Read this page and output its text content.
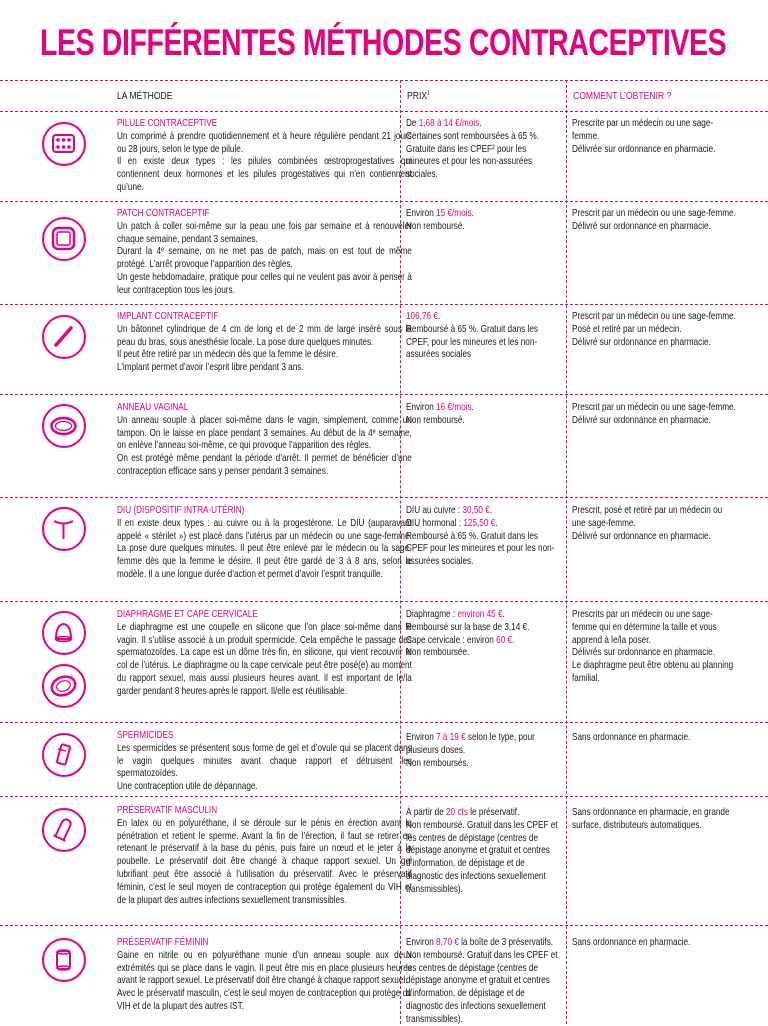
LES DIFFÉRENTES MÉTHODES CONTRACEPTIVES
LA MÉTHODE	PRIX$^1$	COMMENT L’OBTENIR ?

PILULE CONTRACEPTIVE

Un comprimé à prendre quotidiennement et à heure régulière pendant 21 jours ou 28 jours, selon le type de pilule.

Il en existe deux types : les pilules combinées œstroprogestatives qui contiennent deux hormones et les pilules progestatives qui n’en contiennent qu’une.

De 1,68 à 14 €/mois.

Certaines sont remboursées à 65 %. Gratuite dans les CPEF² pour les mineures et pour les non-assurées sociales.

Prescrite par un médecin ou une sage-femme.

Délivrée sur ordonnance en pharmacie.

PATCH CONTRACEPTIF

Un patch à coller soi-même sur la peau une fois par semaine et à renouveler chaque semaine, pendant 3 semaines.

Durant la 4ᵉ semaine, on ne met pas de patch, mais on est tout de même protégé. L’arrêt provoque l’apparition des règles.

Un geste hebdomadaire, pratique pour celles qui ne veulent pas avoir à penser à leur contraception tous les jours.

Environ 15 €/mois.

Non remboursé.

Prescrit par un médecin ou une sage-femme.

Délivré sur ordonnance en pharmacie.

IMPLANT CONTRACEPTIF

Un bâtonnet cylindrique de 4 cm de long et de 2 mm de large inséré sous la peau du bras, sous anesthésie locale. La pose dure quelques minutes.

Il peut être retiré par un médecin dès que la femme le désire.

L’implant permet d’avoir l’esprit libre pendant 3 ans.

106,76 €.

Remboursé à 65 %. Gratuit dans les CPEF, pour les mineures et les non-assurées sociales

Prescrit par un médecin ou une sage-femme. Posé et retiré par un médecin.

Délivré sur ordonnance en pharmacie.

ANNEAU VAGINAL

Un anneau souple à placer soi-même dans le vagin, simplement, comme un tampon. On le laisse en place pendant 3 semaines. Au début de la 4ᵉ semaine, on enlève l’anneau soi-même, ce qui provoque l’apparition des règles.

On est protégé même pendant la période d’arrêt. Il permet de bénéficier d’une contraception efficace sans y penser pendant 3 semaines.

Environ 16 €/mois.

Non remboursé.

Prescrit par un médecin ou une sage-femme.

Délivré sur ordonnance en pharmacie.

DIU (DISPOSITIF INTRA-UTÉRIN)

Il en existe deux types : au cuivre ou à la progestérone. Le DIU (auparavant appelé « stérilet ») est placé dans l’utérus par un médecin ou une sage-femme. La pose dure quelques minutes. Il peut être enlevé par le médecin ou la sage-femme dès que la femme le désire. Il peut être gardé de 3 à 8 ans, selon le modèle. Il a une longue durée d’action et permet d’avoir l’esprit tranquille.

DIU au cuivre : 30,50 €.

DIU hormonal : 125,50 €.

Remboursé à 65 %. Gratuit dans les CPEF pour les mineures et pour les non-assurées sociales.

Prescrit, posé et retiré par un médecin ou une sage-femme.

Délivré sur ordonnance en pharmacie.

DIAPHRAGME ET CAPE CERVICALE

Le diaphragme est une coupelle en silicone que l’on place soi-même dans le vagin. Il s’utilise associé à un produit spermicide. Cela empêche le passage des spermatozoïdes. La cape est un dôme très fin, en silicone, qui vient recouvrir le col de l’utérus. Le diaphragme ou la cape cervicale peut être posé(e) au moment du rapport sexuel, mais aussi plusieurs heures avant. Il est important de le/la garder pendant 8 heures après le rapport. Il/elle est réutilisable.

Diaphragme : environ 45 €.

Remboursé sur la base de 3,14 €.

Cape cervicale : environ 60 €.

Non remboursée.

Prescrits par un médecin ou une sage-femme qui en détermine la taille et vous apprend à le/la poser.

Délivrés sur ordonnance en pharmacie.

Le diaphragme peut être obtenu au planning familial.

SPERMICIDES

Les spermicides se présentent sous forme de gel et d’ovule qui se placent dans le vagin quelques minutes avant chaque rapport et détruisent les spermatozoïdes.

Une contraception utile de dépannage.

Environ 7 à 19 € selon le type, pour plusieurs doses.

Non remboursés.

Sans ordonnance en pharmacie.

PRÉSERVATIF MASCULIN

En latex ou en polyuréthane, il se déroule sur le pénis en érection avant la pénétration et retient le sperme. Avant la fin de l’érection, il faut se retirer en retenant le préservatif à la base du pénis, puis faire un nœud et le jeter à la poubelle. Le préservatif doit être changé à chaque rapport sexuel. Un gel lubrifiant peut être associé à l’utilisation du préservatif. Avec le préservatif féminin, c’est le seul moyen de contraception qui protège également du VIH et de la plupart des autres infections sexuellement transmissibles.

À partir de 20 cts le préservatif.

Non remboursé. Gratuit dans les CPEF et les centres de dépistage (centres de dépistage anonyme et gratuit et centres d’information, de dépistage et de diagnostic des infections sexuellement transmissibles).

Sans ordonnance en pharmacie, en grande surface, distributeurs automatiques.

PRÉSERVATIF FÉMININ

Gaine en nitrile ou en polyuréthane munie d’un anneau souple aux deux extrémités qui se place dans le vagin. Il peut être mis en place plusieurs heures avant le rapport sexuel. Le préservatif doit être changé à chaque rapport sexuel.

Avec le préservatif masculin, c’est le seul moyen de contraception qui protège du VIH et de la plupart des autres IST.

Environ 8,70 € la boîte de 3 préservatifs.

Non remboursé. Gratuit dans les CPEF et les centres de dépistage (centres de dépistage anonyme et gratuit et centres d’information, de dépistage et de diagnostic des infections sexuellement transmissibles).

Sans ordonnance en pharmacie.
